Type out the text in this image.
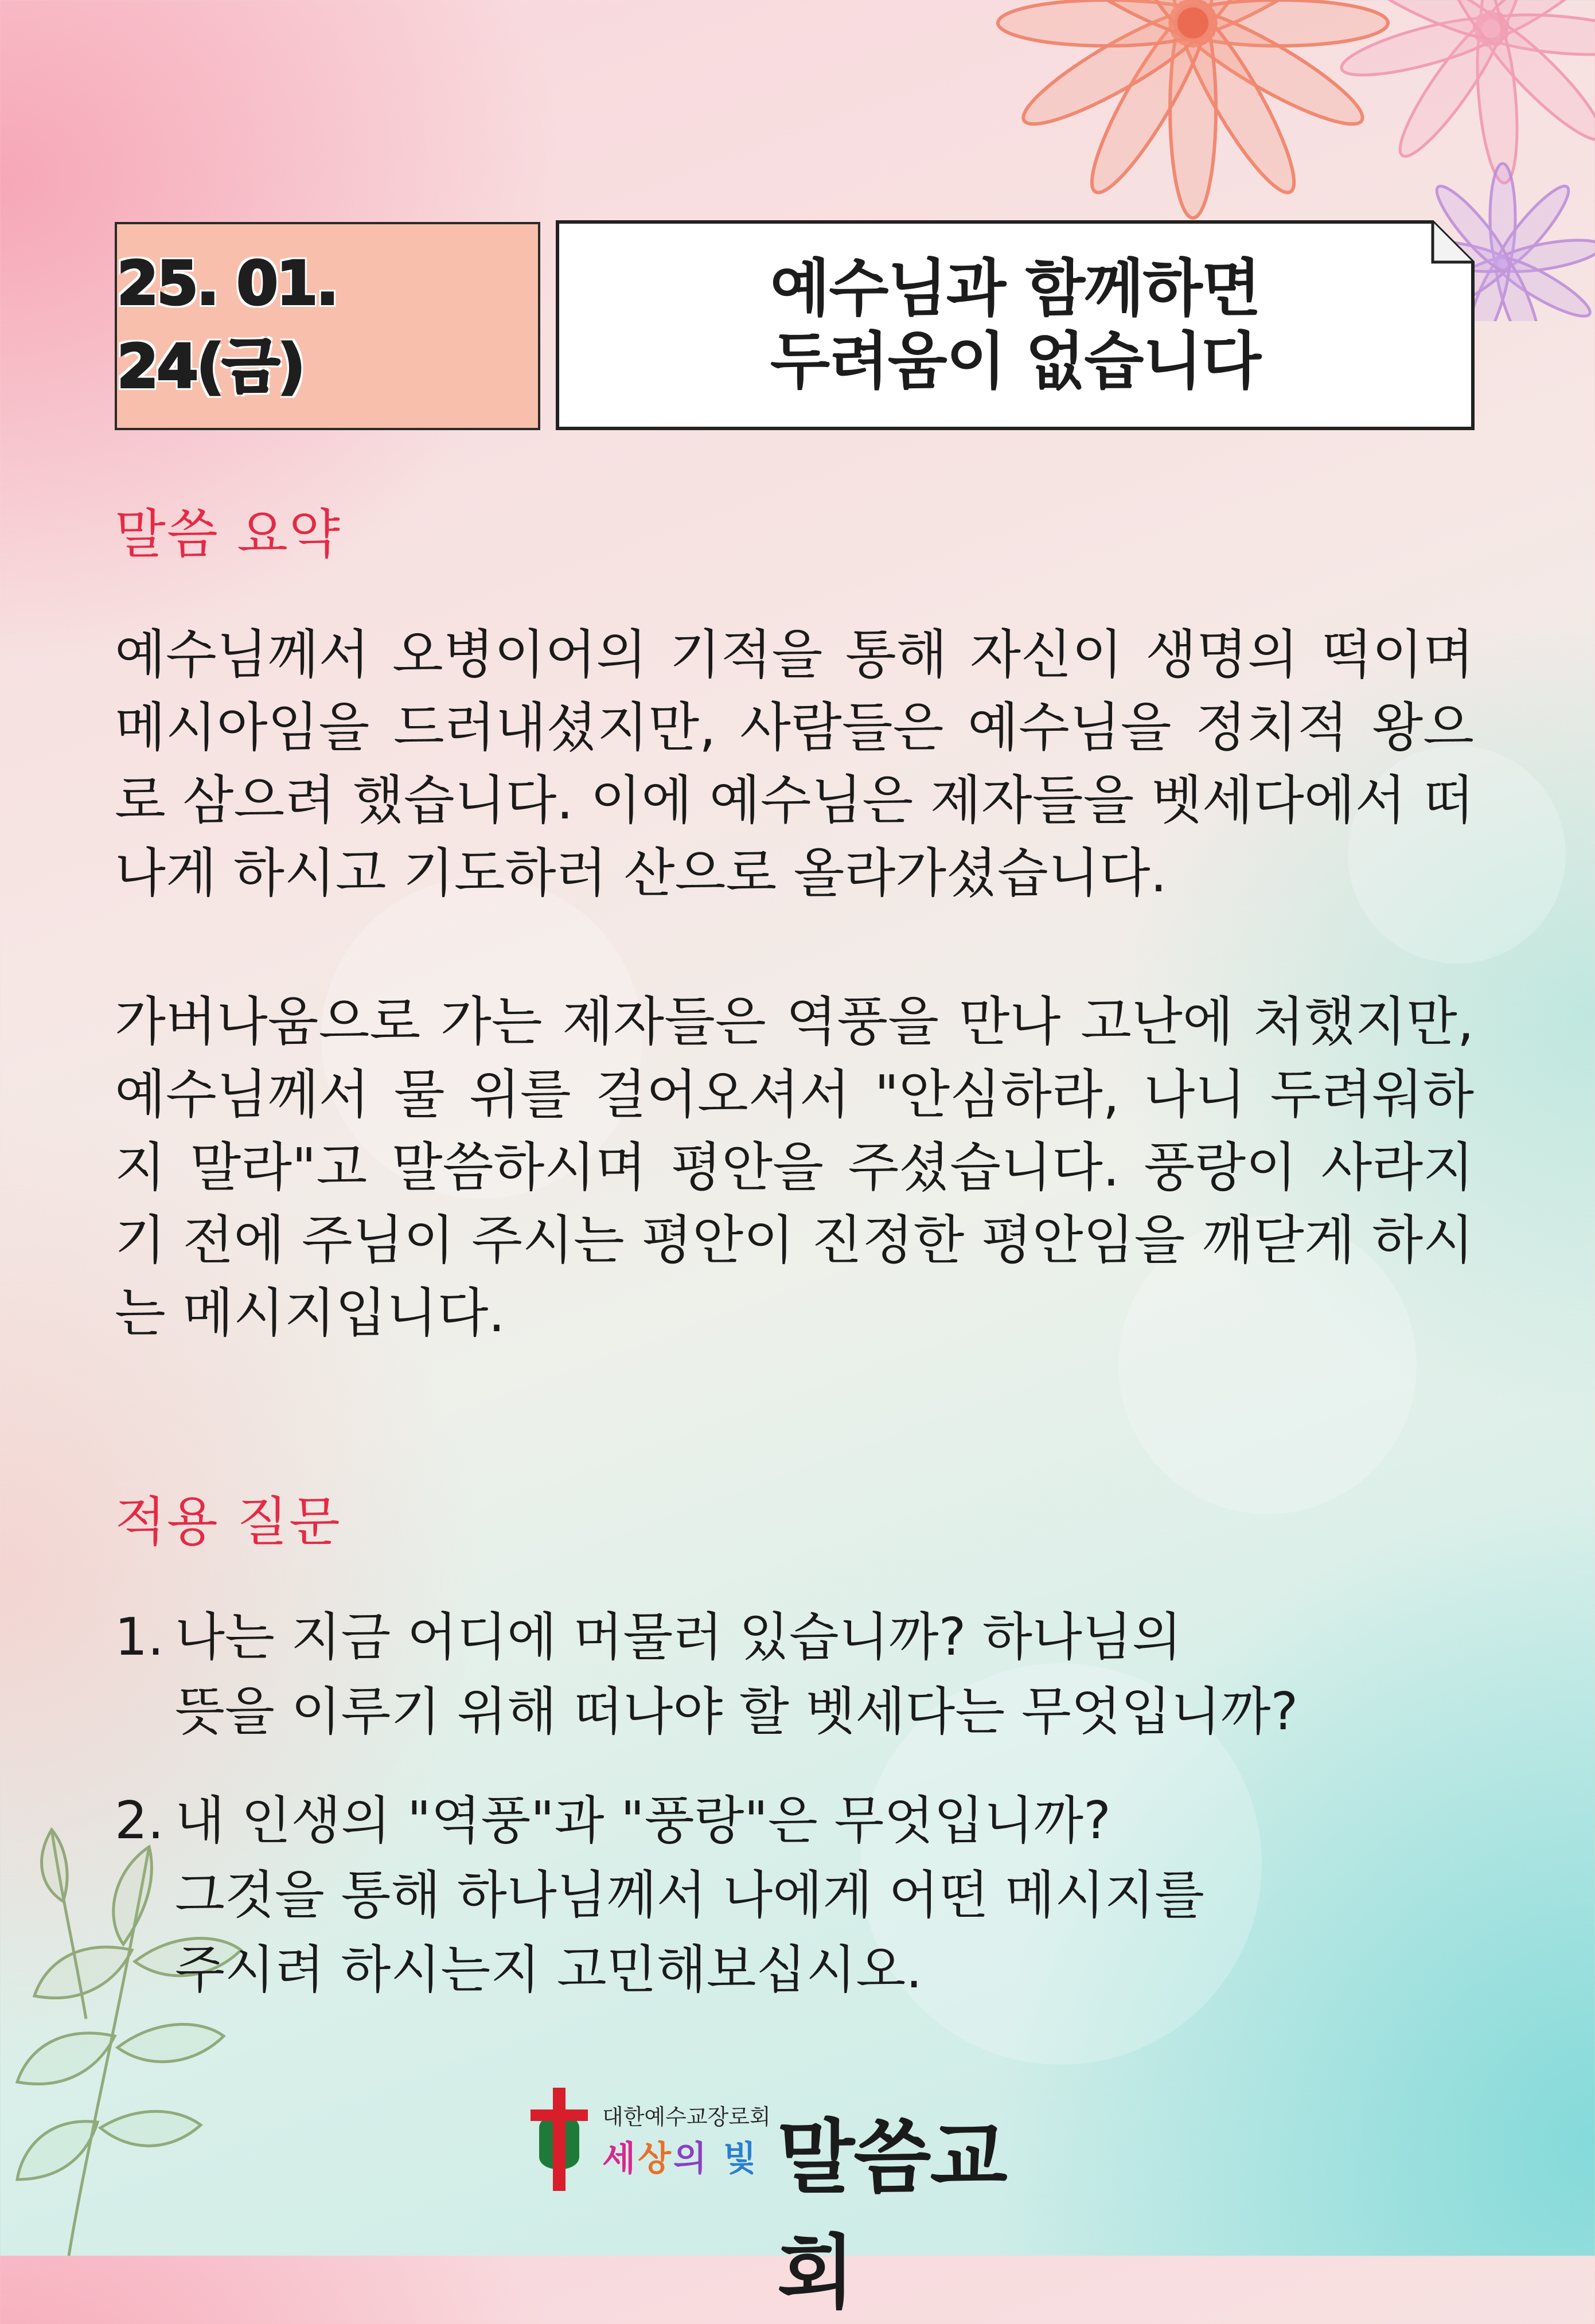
25. 01. 24(금)
예수님과 함께하면
두려움이 없습니다
말씀 요약

예수님께서 오병이어의 기적을 통해 자신이 생명의 떡이며 메시아임을 드러내셨지만, 사람들은 예수님을 정치적 왕으로 삼으려 했습니다. 이에 예수님은 제자들을 벳세다에서 떠나게 하시고 기도하러 산으로 올라가셨습니다.

가버나움으로 가는 제자들은 역풍을 만나 고난에 처했지만, 예수님께서 물 위를 걸어오셔서 "안심하라, 나니 두려워하지 말라"고 말씀하시며 평안을 주셨습니다. 풍랑이 사라지기 전에 주님이 주시는 평안이 진정한 평안임을 깨닫게 하시는 메시지입니다.

적용 질문
1. 나는 지금 어디에 머물러 있습니까? 하나님의
뜻을 이루기 위해 떠나야 할 벳세다는 무엇입니까?
2. 내 인생의 "역풍"과 "풍랑"은 무엇입니까?
그것을 통해 하나님께서 나에게 어떤 메시지를
주시려 하시는지 고민해보십시오.
대한예수교장로회
세상의 빛 말씀교회
